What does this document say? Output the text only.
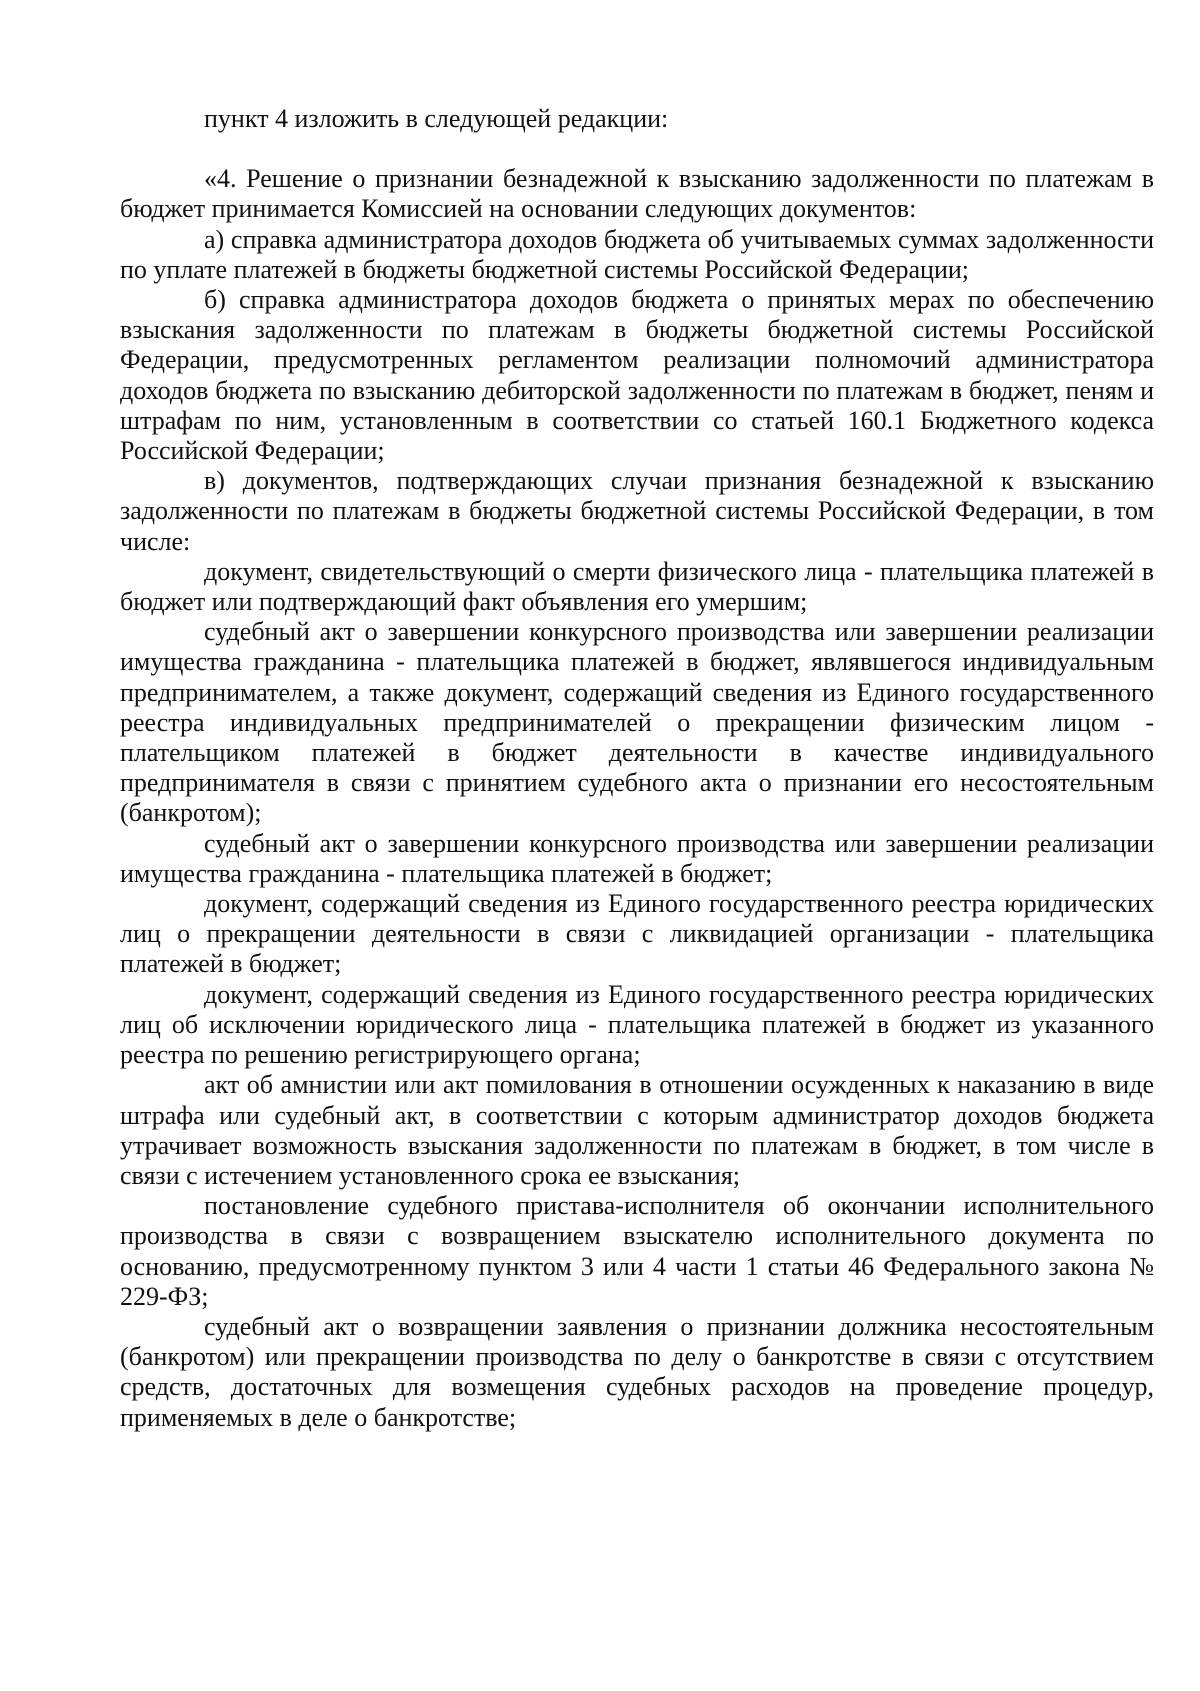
пункт 4 изложить в следующей редакции:

«4. Решение о признании безнадежной к взысканию задолженности по платежам в бюджет принимается Комиссией на основании следующих документов:

а) справка администратора доходов бюджета об учитываемых суммах задолженности по уплате платежей в бюджеты бюджетной системы Российской Федерации;

б) справка администратора доходов бюджета о принятых мерах по обеспечению взыскания задолженности по платежам в бюджеты бюджетной системы Российской Федерации, предусмотренных регламентом реализации полномочий администратора доходов бюджета по взысканию дебиторской задолженности по платежам в бюджет, пеням и штрафам по ним, установленным в соответствии со статьей 160.1 Бюджетного кодекса Российской Федерации;

в) документов, подтверждающих случаи признания безнадежной к взысканию задолженности по платежам в бюджеты бюджетной системы Российской Федерации, в том числе:

документ, свидетельствующий о смерти физического лица - плательщика платежей в бюджет или подтверждающий факт объявления его умершим;

судебный акт о завершении конкурсного производства или завершении реализации имущества гражданина - плательщика платежей в бюджет, являвшегося индивидуальным предпринимателем, а также документ, содержащий сведения из Единого государственного реестра индивидуальных предпринимателей о прекращении физическим лицом - плательщиком платежей в бюджет деятельности в качестве индивидуального предпринимателя в связи с принятием судебного акта о признании его несостоятельным (банкротом);

судебный акт о завершении конкурсного производства или завершении реализации имущества гражданина - плательщика платежей в бюджет;

документ, содержащий сведения из Единого государственного реестра юридических лиц о прекращении деятельности в связи с ликвидацией организации - плательщика платежей в бюджет;

документ, содержащий сведения из Единого государственного реестра юридических лиц об исключении юридического лица - плательщика платежей в бюджет из указанного реестра по решению регистрирующего органа;

акт об амнистии или акт помилования в отношении осужденных к наказанию в виде штрафа или судебный акт, в соответствии с которым администратор доходов бюджета утрачивает возможность взыскания задолженности по платежам в бюджет, в том числе в связи с истечением установленного срока ее взыскания;

постановление судебного пристава-исполнителя об окончании исполнительного производства в связи с возвращением взыскателю исполнительного документа по основанию, предусмотренному пунктом 3 или 4 части 1 статьи 46 Федерального закона № 229-ФЗ;

судебный акт о возвращении заявления о признании должника несостоятельным (банкротом) или прекращении производства по делу о банкротстве в связи с отсутствием средств, достаточных для возмещения судебных расходов на проведение процедур, применяемых в деле о банкротстве;
